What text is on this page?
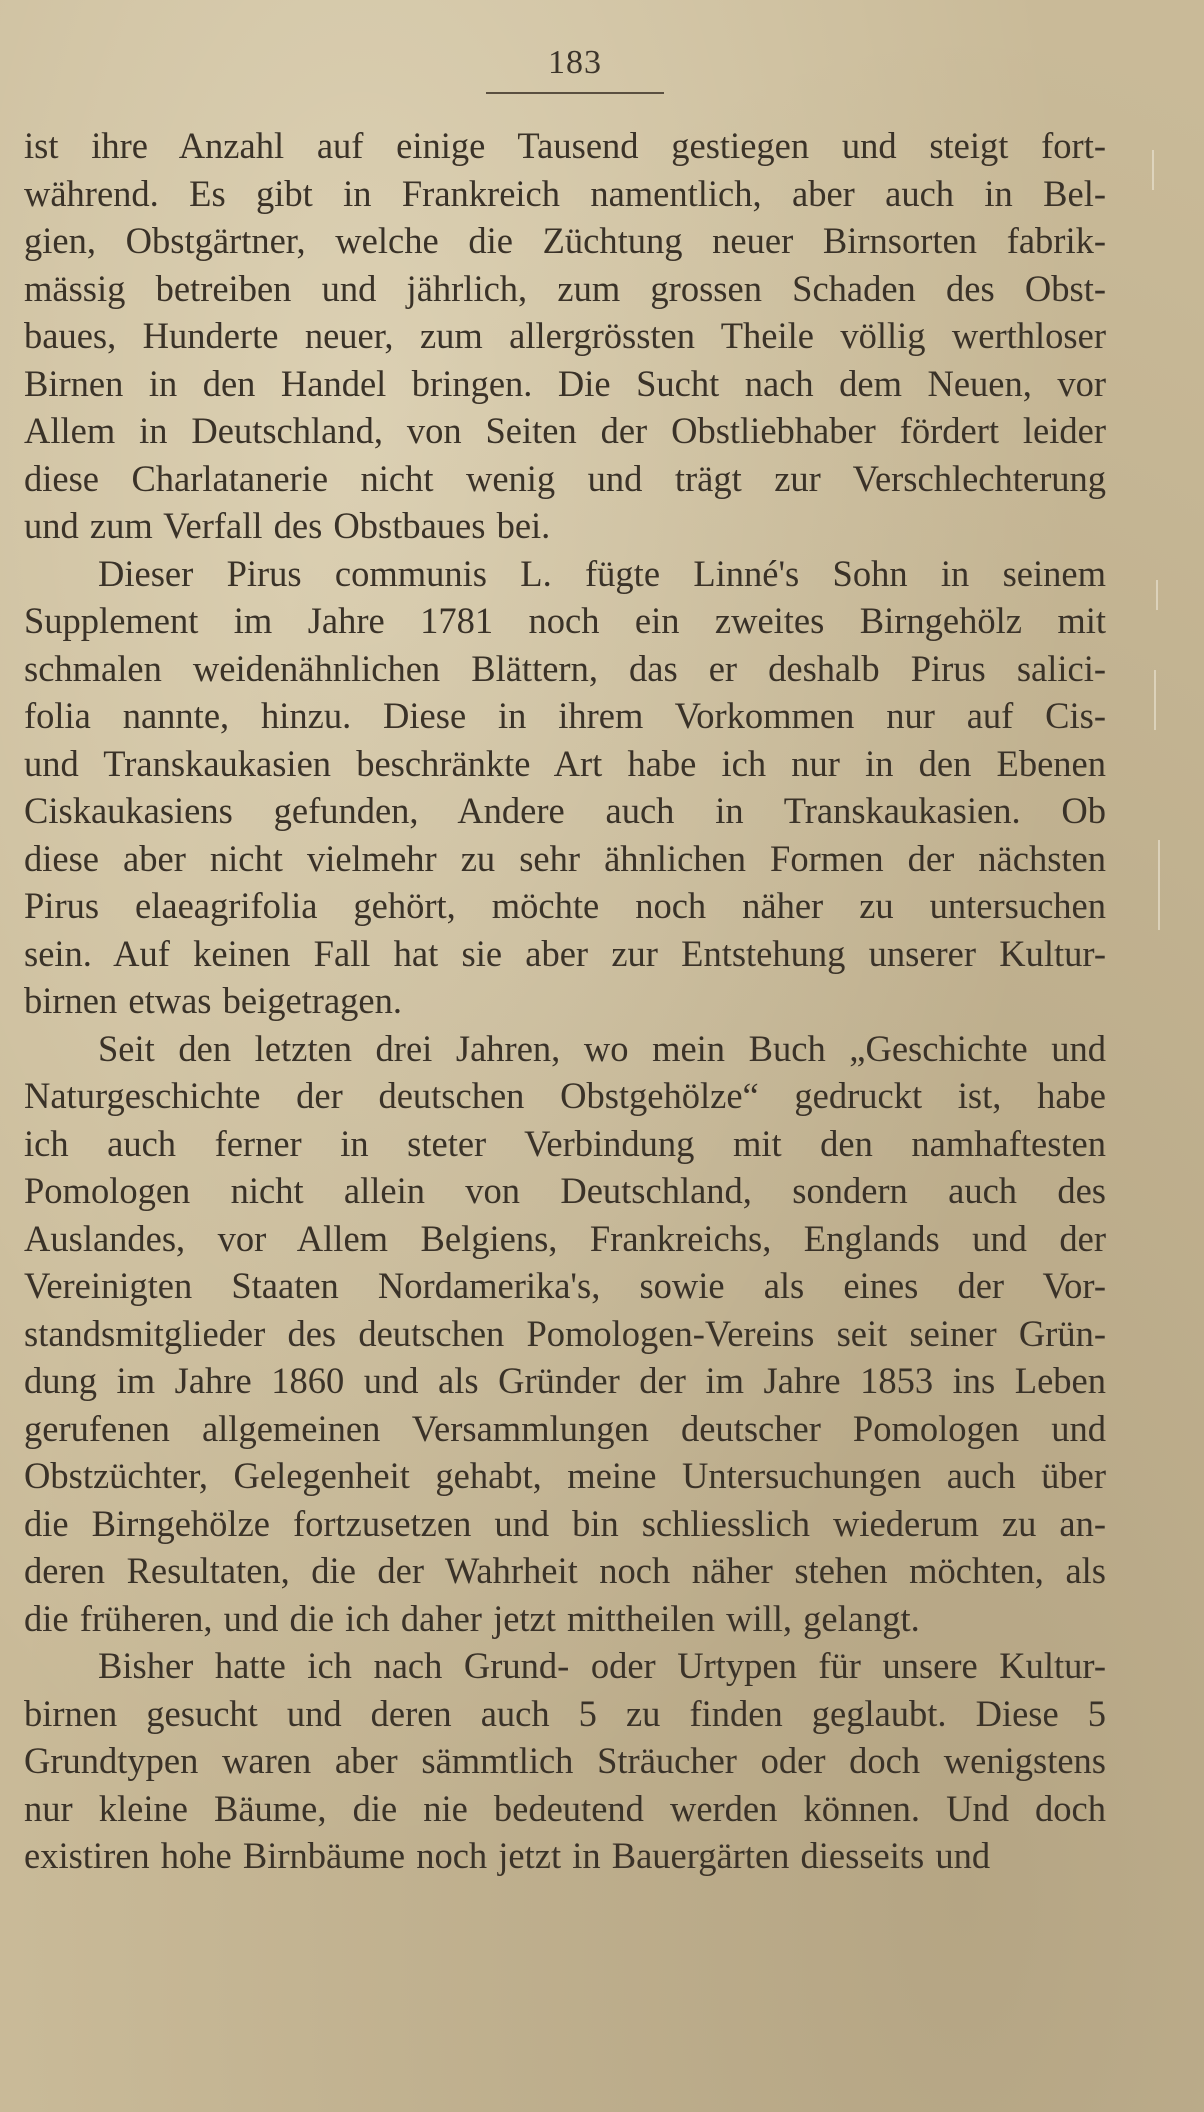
183
ist ihre Anzahl auf einige Tausend gestiegen und steigt fort-
während. Es gibt in Frankreich namentlich, aber auch in Bel-
gien, Obstgärtner, welche die Züchtung neuer Birnsorten fabrik-
mässig betreiben und jährlich, zum grossen Schaden des Obst-
baues, Hunderte neuer, zum allergrössten Theile völlig werthloser
Birnen in den Handel bringen. Die Sucht nach dem Neuen, vor
Allem in Deutschland, von Seiten der Obstliebhaber fördert leider
diese Charlatanerie nicht wenig und trägt zur Verschlechterung
und zum Verfall des Obstbaues bei.
Dieser Pirus communis L. fügte Linné's Sohn in seinem
Supplement im Jahre 1781 noch ein zweites Birngehölz mit
schmalen weidenähnlichen Blättern, das er deshalb Pirus salici-
folia nannte, hinzu. Diese in ihrem Vorkommen nur auf Cis-
und Transkaukasien beschränkte Art habe ich nur in den Ebenen
Ciskaukasiens gefunden, Andere auch in Transkaukasien. Ob
diese aber nicht vielmehr zu sehr ähnlichen Formen der nächsten
Pirus elaeagrifolia gehört, möchte noch näher zu untersuchen
sein. Auf keinen Fall hat sie aber zur Entstehung unserer Kultur-
birnen etwas beigetragen.
Seit den letzten drei Jahren, wo mein Buch „Geschichte und
Naturgeschichte der deutschen Obstgehölze“ gedruckt ist, habe
ich auch ferner in steter Verbindung mit den namhaftesten
Pomologen nicht allein von Deutschland, sondern auch des
Auslandes, vor Allem Belgiens, Frankreichs, Englands und der
Vereinigten Staaten Nordamerika's, sowie als eines der Vor-
standsmitglieder des deutschen Pomologen-Vereins seit seiner Grün-
dung im Jahre 1860 und als Gründer der im Jahre 1853 ins Leben
gerufenen allgemeinen Versammlungen deutscher Pomologen und
Obstzüchter, Gelegenheit gehabt, meine Untersuchungen auch über
die Birngehölze fortzusetzen und bin schliesslich wiederum zu an-
deren Resultaten, die der Wahrheit noch näher stehen möchten, als
die früheren, und die ich daher jetzt mittheilen will, gelangt.
Bisher hatte ich nach Grund- oder Urtypen für unsere Kultur-
birnen gesucht und deren auch 5 zu finden geglaubt. Diese 5
Grundtypen waren aber sämmtlich Sträucher oder doch wenigstens
nur kleine Bäume, die nie bedeutend werden können. Und doch
existiren hohe Birnbäume noch jetzt in Bauergärten diesseits und
